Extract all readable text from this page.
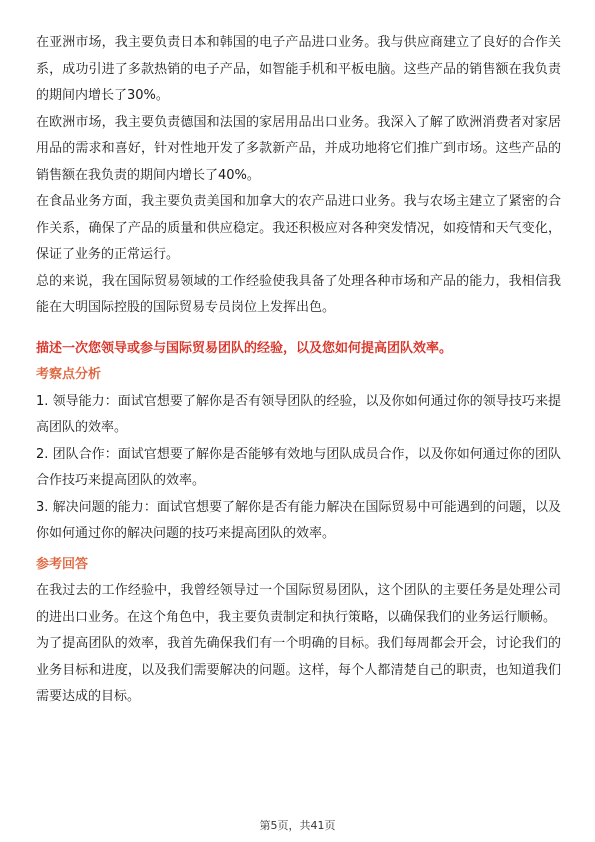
在亚洲市场，我主要负责日本和韩国的电子产品进口业务。我与供应商建立了良好的合作关系，成功引进了多款热销的电子产品，如智能手机和平板电脑。这些产品的销售额在我负责的期间内增长了30%。

在欧洲市场，我主要负责德国和法国的家居用品出口业务。我深入了解了欧洲消费者对家居用品的需求和喜好，针对性地开发了多款新产品，并成功地将它们推广到市场。这些产品的销售额在我负责的期间内增长了40%。

在食品业务方面，我主要负责美国和加拿大的农产品进口业务。我与农场主建立了紧密的合作关系，确保了产品的质量和供应稳定。我还积极应对各种突发情况，如疫情和天气变化，保证了业务的正常运行。

总的来说，我在国际贸易领域的工作经验使我具备了处理各种市场和产品的能力，我相信我能在大明国际控股的国际贸易专员岗位上发挥出色。

描述一次您领导或参与国际贸易团队的经验，以及您如何提高团队效率。

考察点分析

1. 领导能力：面试官想要了解你是否有领导团队的经验，以及你如何通过你的领导技巧来提高团队的效率。

2. 团队合作：面试官想要了解你是否能够有效地与团队成员合作，以及你如何通过你的团队合作技巧来提高团队的效率。

3. 解决问题的能力：面试官想要了解你是否有能力解决在国际贸易中可能遇到的问题，以及你如何通过你的解决问题的技巧来提高团队的效率。

参考回答

在我过去的工作经验中，我曾经领导过一个国际贸易团队，这个团队的主要任务是处理公司的进出口业务。在这个角色中，我主要负责制定和执行策略，以确保我们的业务运行顺畅。

为了提高团队的效率，我首先确保我们有一个明确的目标。我们每周都会开会，讨论我们的业务目标和进度，以及我们需要解决的问题。这样，每个人都清楚自己的职责，也知道我们需要达成的目标。

第5页，共41页
